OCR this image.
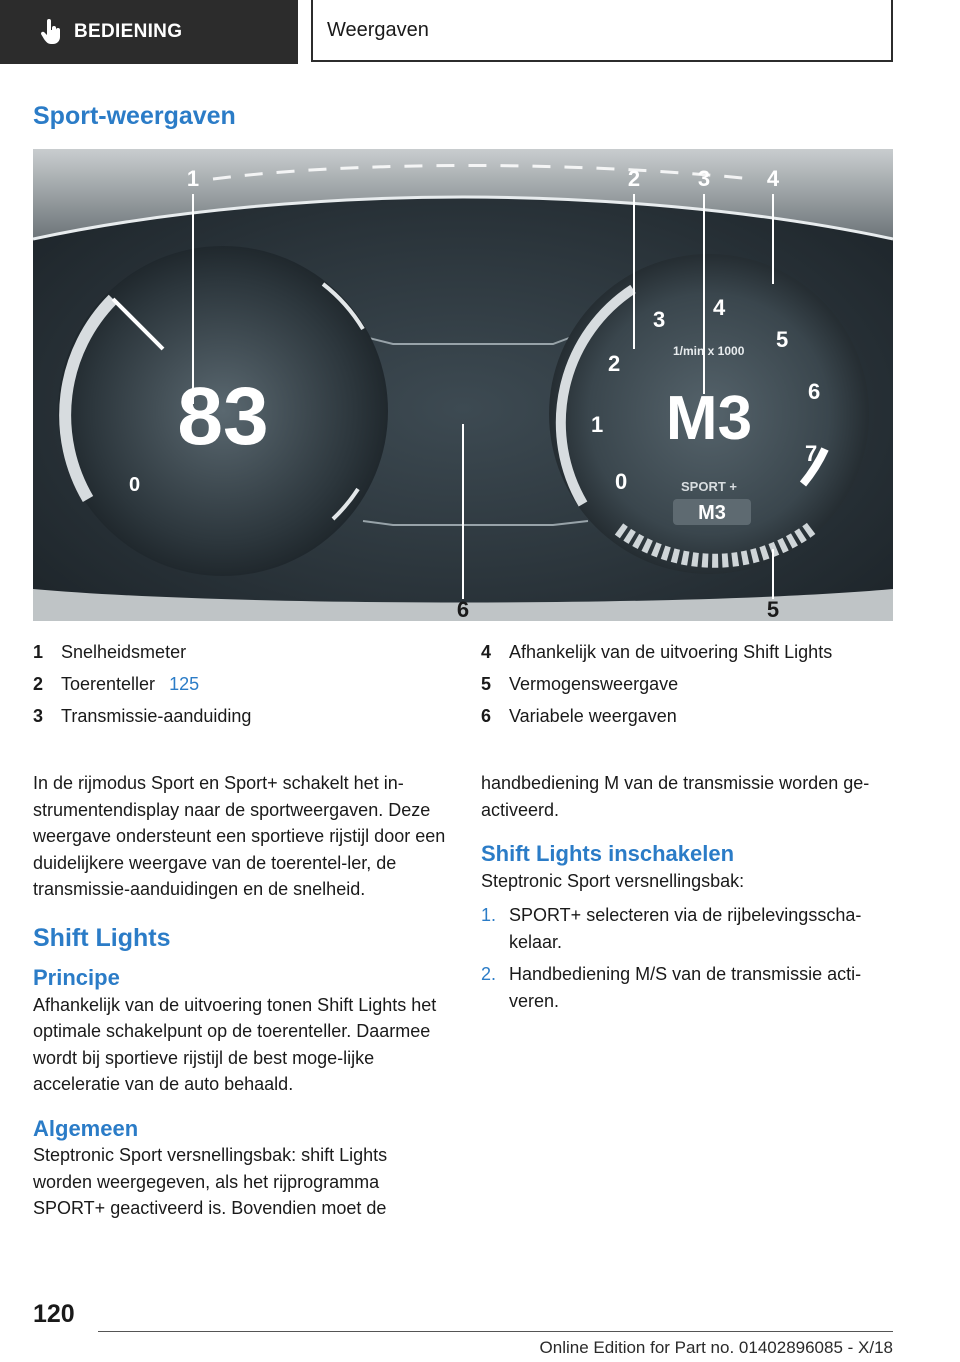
BEDIENING	Weergaven
Sport-weergaven
83
0	0
1
2
3 4
5
6
7
1/min x 1000
M3
SPORT +
M3
1	2	3	4
5
6
1 Snelheidsmeter
2 Toerenteller 125
3 Transmissie-aanduiding
4 Afhankelijk van de uitvoering Shift Lights
5 Vermogensweergave
6 Variabele weergaven

In de rijmodus Sport en Sport+ schakelt het in-strumentendisplay naar de sportweergaven. Deze weergave ondersteunt een sportieve rijstijl door een duidelijkere weergave van de toerentel-ler, de transmissie-aanduidingen en de snelheid.

Shift Lights
Principe

Afhankelijk van de uitvoering tonen Shift Lights het optimale schakelpunt op de toerenteller. Daarmee wordt bij sportieve rijstijl de best moge-lijke acceleratie van de auto behaald.

Algemeen

Steptronic Sport versnellingsbak: shift Lights worden weergegeven, als het rijprogramma SPORT+ geactiveerd is. Bovendien moet de

handbediening M van de transmissie worden ge-activeerd.

Shift Lights inschakelen

Steptronic Sport versnellingsbak:

1. SPORT+ selecteren via de rijbelevingsscha-kelaar.
2. Handbediening M/S van de transmissie acti-veren.
120
Online Edition for Part no. 01402896085 - X/18
